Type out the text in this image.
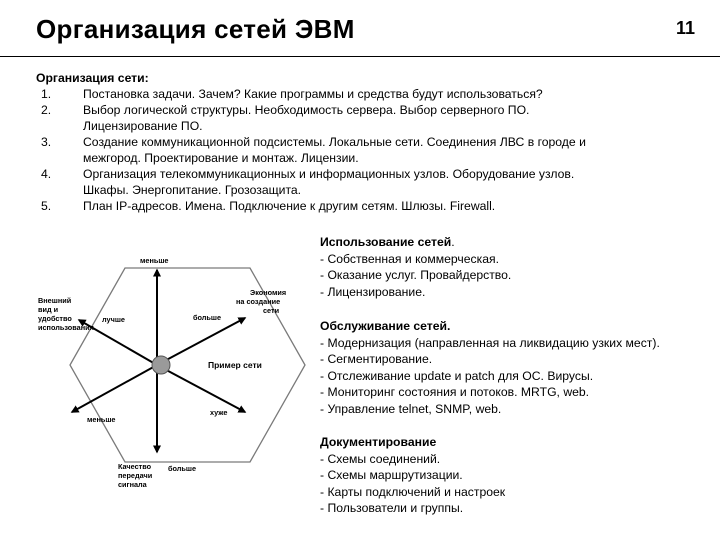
Организация сетей ЭВМ	11
Организация сети:
1.	Постановка задачи. Зачем? Какие программы и средства будут использоваться?
2.	Выбор логической структуры. Необходимость сервера. Выбор серверного ПО.
Лицензирование ПО.
3.	Создание коммуникационной подсистемы. Локальные сети. Соединения ЛВС в городе и
межгород. Проектирование и монтаж. Лицензии.
4.	Организация телекоммуникационных и информационных узлов. Оборудование узлов.
Шкафы. Энергопитание. Грозозащита.
5.	План IP-адресов. Имена. Подключение к другим сетям. Шлюзы. Firewall.
меньше
Экономия
на создание
сети
Внешний
вид и
удобство
использования
лучше	больше
Пример сети
хуже
меньше
Качество
передачи
сигнала
больше
Использование сетей.
- Собственная и коммерческая.
- Оказание услуг. Провайдерство.
- Лицензирование.
Обслуживание сетей.
- Модернизация (направленная на ликвидацию узких мест).
- Сегментирование.
- Отслеживание update и patch для ОС. Вирусы.
- Мониторинг состояния и потоков. MRTG, web.
- Управление telnet, SNMP, web.
Документирование
- Схемы соединений.
- Схемы маршрутизации.
- Карты подключений и настроек
- Пользователи и группы.
